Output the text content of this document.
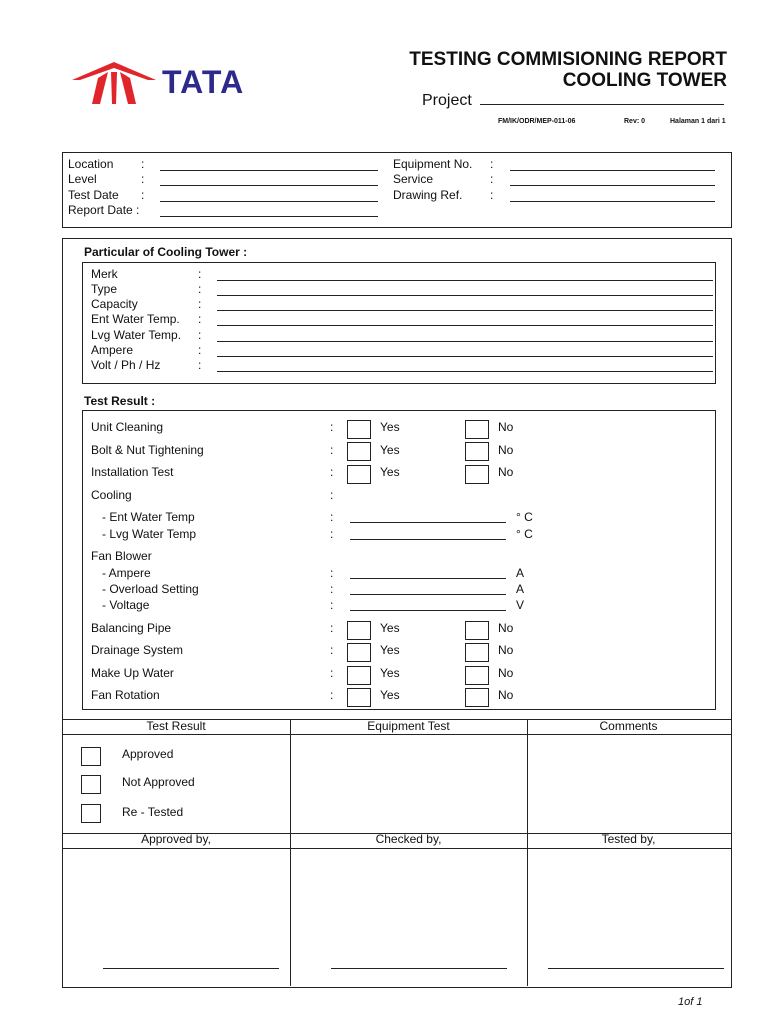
TATA
TESTING COMMISIONING REPORT
COOLING TOWER
Project
FM/IK/ODR/MEP-011-06	Rev: 0	Halaman 1 dari 1
Location :
Level	:
Test Date :
Report Date :
Equipment No. :
Service	:
Drawing Ref. :
Particular of Cooling Tower :
Merk	:
Type	:
Capacity	:
Ent Water Temp. :
Lvg Water Temp. :
Ampere	:
Volt / Ph / Hz	:
Test Result :
Unit Cleaning	:	Yes	No
Bolt & Nut Tightening	:	Yes	No
Installation Test	:	Yes	No
Cooling	:
- Ent Water Temp	:	° C
- Lvg Water Temp	:	° C
Fan Blower
- Ampere	:	A
- Overload Setting	:	A
- Voltage	:	V
Balancing Pipe	:	Yes	No
Drainage System	:	Yes	No
Make Up Water	:	Yes	No
Fan Rotation	:	Yes	No
Test Result	Equipment Test	Comments
Approved
Not Approved
Re - Tested
Approved by,	Checked by,	Tested by,
1of 1
